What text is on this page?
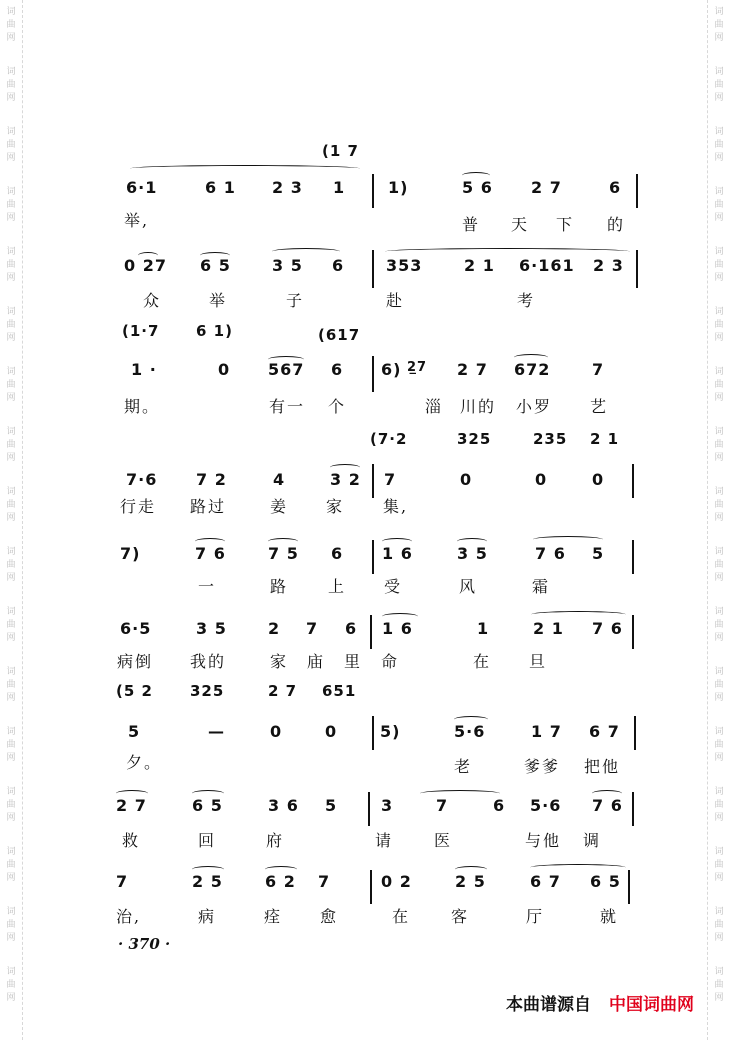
词
曲
网
词
曲
网
词
曲
网
词
曲
网
词
曲
网
词
曲
网
词
曲
网
词
曲
网
词
曲
网
词
曲
网
词
曲
网
词
曲
网
词
曲
网
词
曲
网
词
曲
网
词
曲
网
词
曲
网
词
曲
网
词
曲
网
词
曲
网
词
曲
网
词
曲
网
词
曲
网
词
曲
网
词
曲
网
词
曲
网
词
曲
网
词
曲
网
词
曲
网
词
曲
网
词
曲
网
词
曲
网
词
曲
网
词
曲
网
(1 7
6·1	6 1 2 3 1	1)	5 6 2 7	6
举,	普 天 下 的
0 27 6 5	3 5 6	353	2 1 6·161 2 3
众	举	子	赴	考
(1·7 6 1)	(617
1 ·	0 567 6 6) 2̲7 2 7 672	7
期。	有一 个	淄 川的 小罗 艺
(7·2	325	235 2 1
7·6 7 2	4	3 2 7	0	0	0
行走 路过	姜 家 集,
7)	7 6	7 5 6 1 6	3 5	7 6 5
一	路 上 受	风	霜
6·5	3 5	2 7 6 1 6	1	2 1 7 6
病倒 我的	家 庙 里 命	在 旦
(5 2 325	2 7 651
5	—	0	0	5)	5·6	1 7 6 7
夕。	老	爹爹 把他
2 7	6 5	3 6 5	3	7	6 5·6 7 6
救	回	府	请	医	与他 调
7	2 5	6 2 7	0 2	2 5	6 7 6 5
治,	病	痊 愈	在	客	厅	就
· 370 ·
本曲谱源自 中国词曲网
